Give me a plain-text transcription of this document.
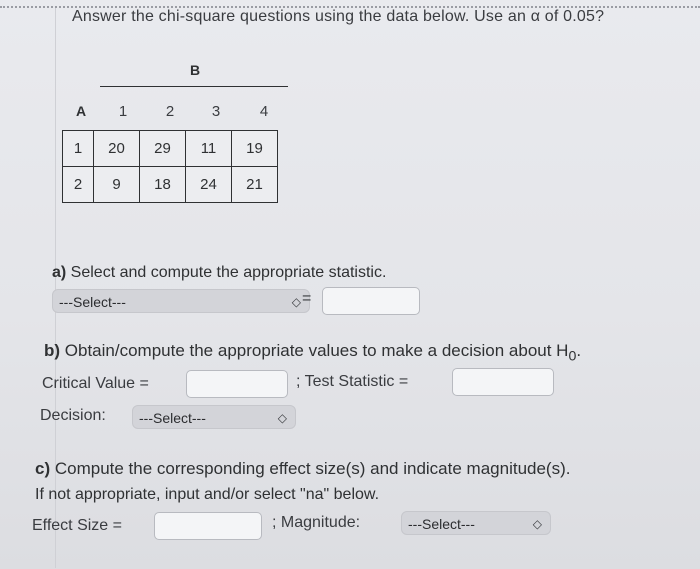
Answer the chi-square questions using the data below. Use an α of 0.05?
B
A	1	2	3	4
1	20	29	11	19
2	9	18	24	21
a) Select and compute the appropriate statistic.
---Select---	◇ =
b) Obtain/compute the appropriate values to make a decision about $H_0$.
Critical Value =	; Test Statistic =
Decision:	---Select---	◇
c) Compute the corresponding effect size(s) and indicate magnitude(s).
If not appropriate, input and/or select "na" below.
Effect Size =	; Magnitude:	---Select---	◇
